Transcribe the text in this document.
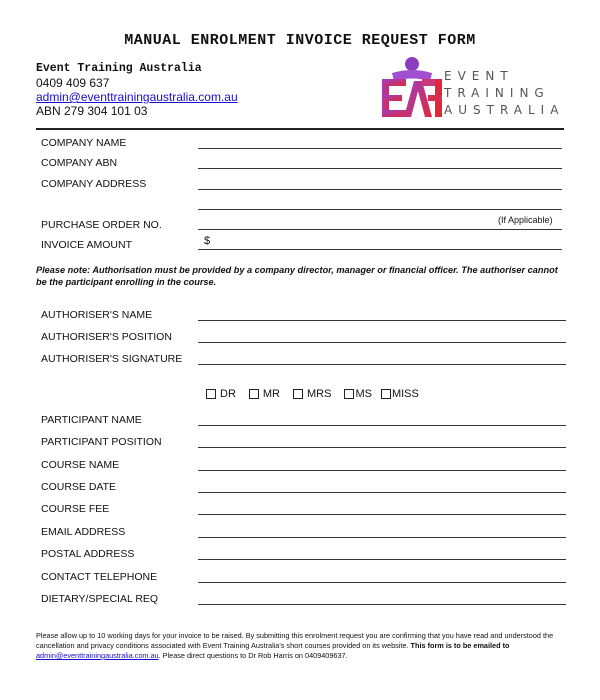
MANUAL ENROLMENT INVOICE REQUEST FORM
Event Training Australia
0409 409 637
admin@eventtrainingaustralia.com.au
ABN 279 304 101 03
EVENT
TRAINING
AUSTRALIA
COMPANY NAME
COMPANY ABN
COMPANY ADDRESS
PURCHASE ORDER NO.	(If Applicable)
INVOICE AMOUNT	$
Please note: Authorisation must be provided by a company director, manager or financial officer. The authoriser cannot be the participant enrolling in the course.
AUTHORISER'S NAME
AUTHORISER'S POSITION
AUTHORISER'S SIGNATURE
DR MR MRS MS MISS
PARTICIPANT NAME
PARTICIPANT POSITION
COURSE NAME
COURSE DATE
COURSE FEE
EMAIL ADDRESS
POSTAL ADDRESS
CONTACT TELEPHONE
DIETARY/SPECIAL REQ
Please allow up to 10 working days for your invoice to be raised. By submitting this enrolment request you are confirming that you have read and understood the cancellation and privacy conditions associated with Event Training Australia's short courses provided on its website. This form is to be emailed to admin@eventtrainingaustralia.com.au. Please direct questions to Dr Rob Harris on 0409409637.
